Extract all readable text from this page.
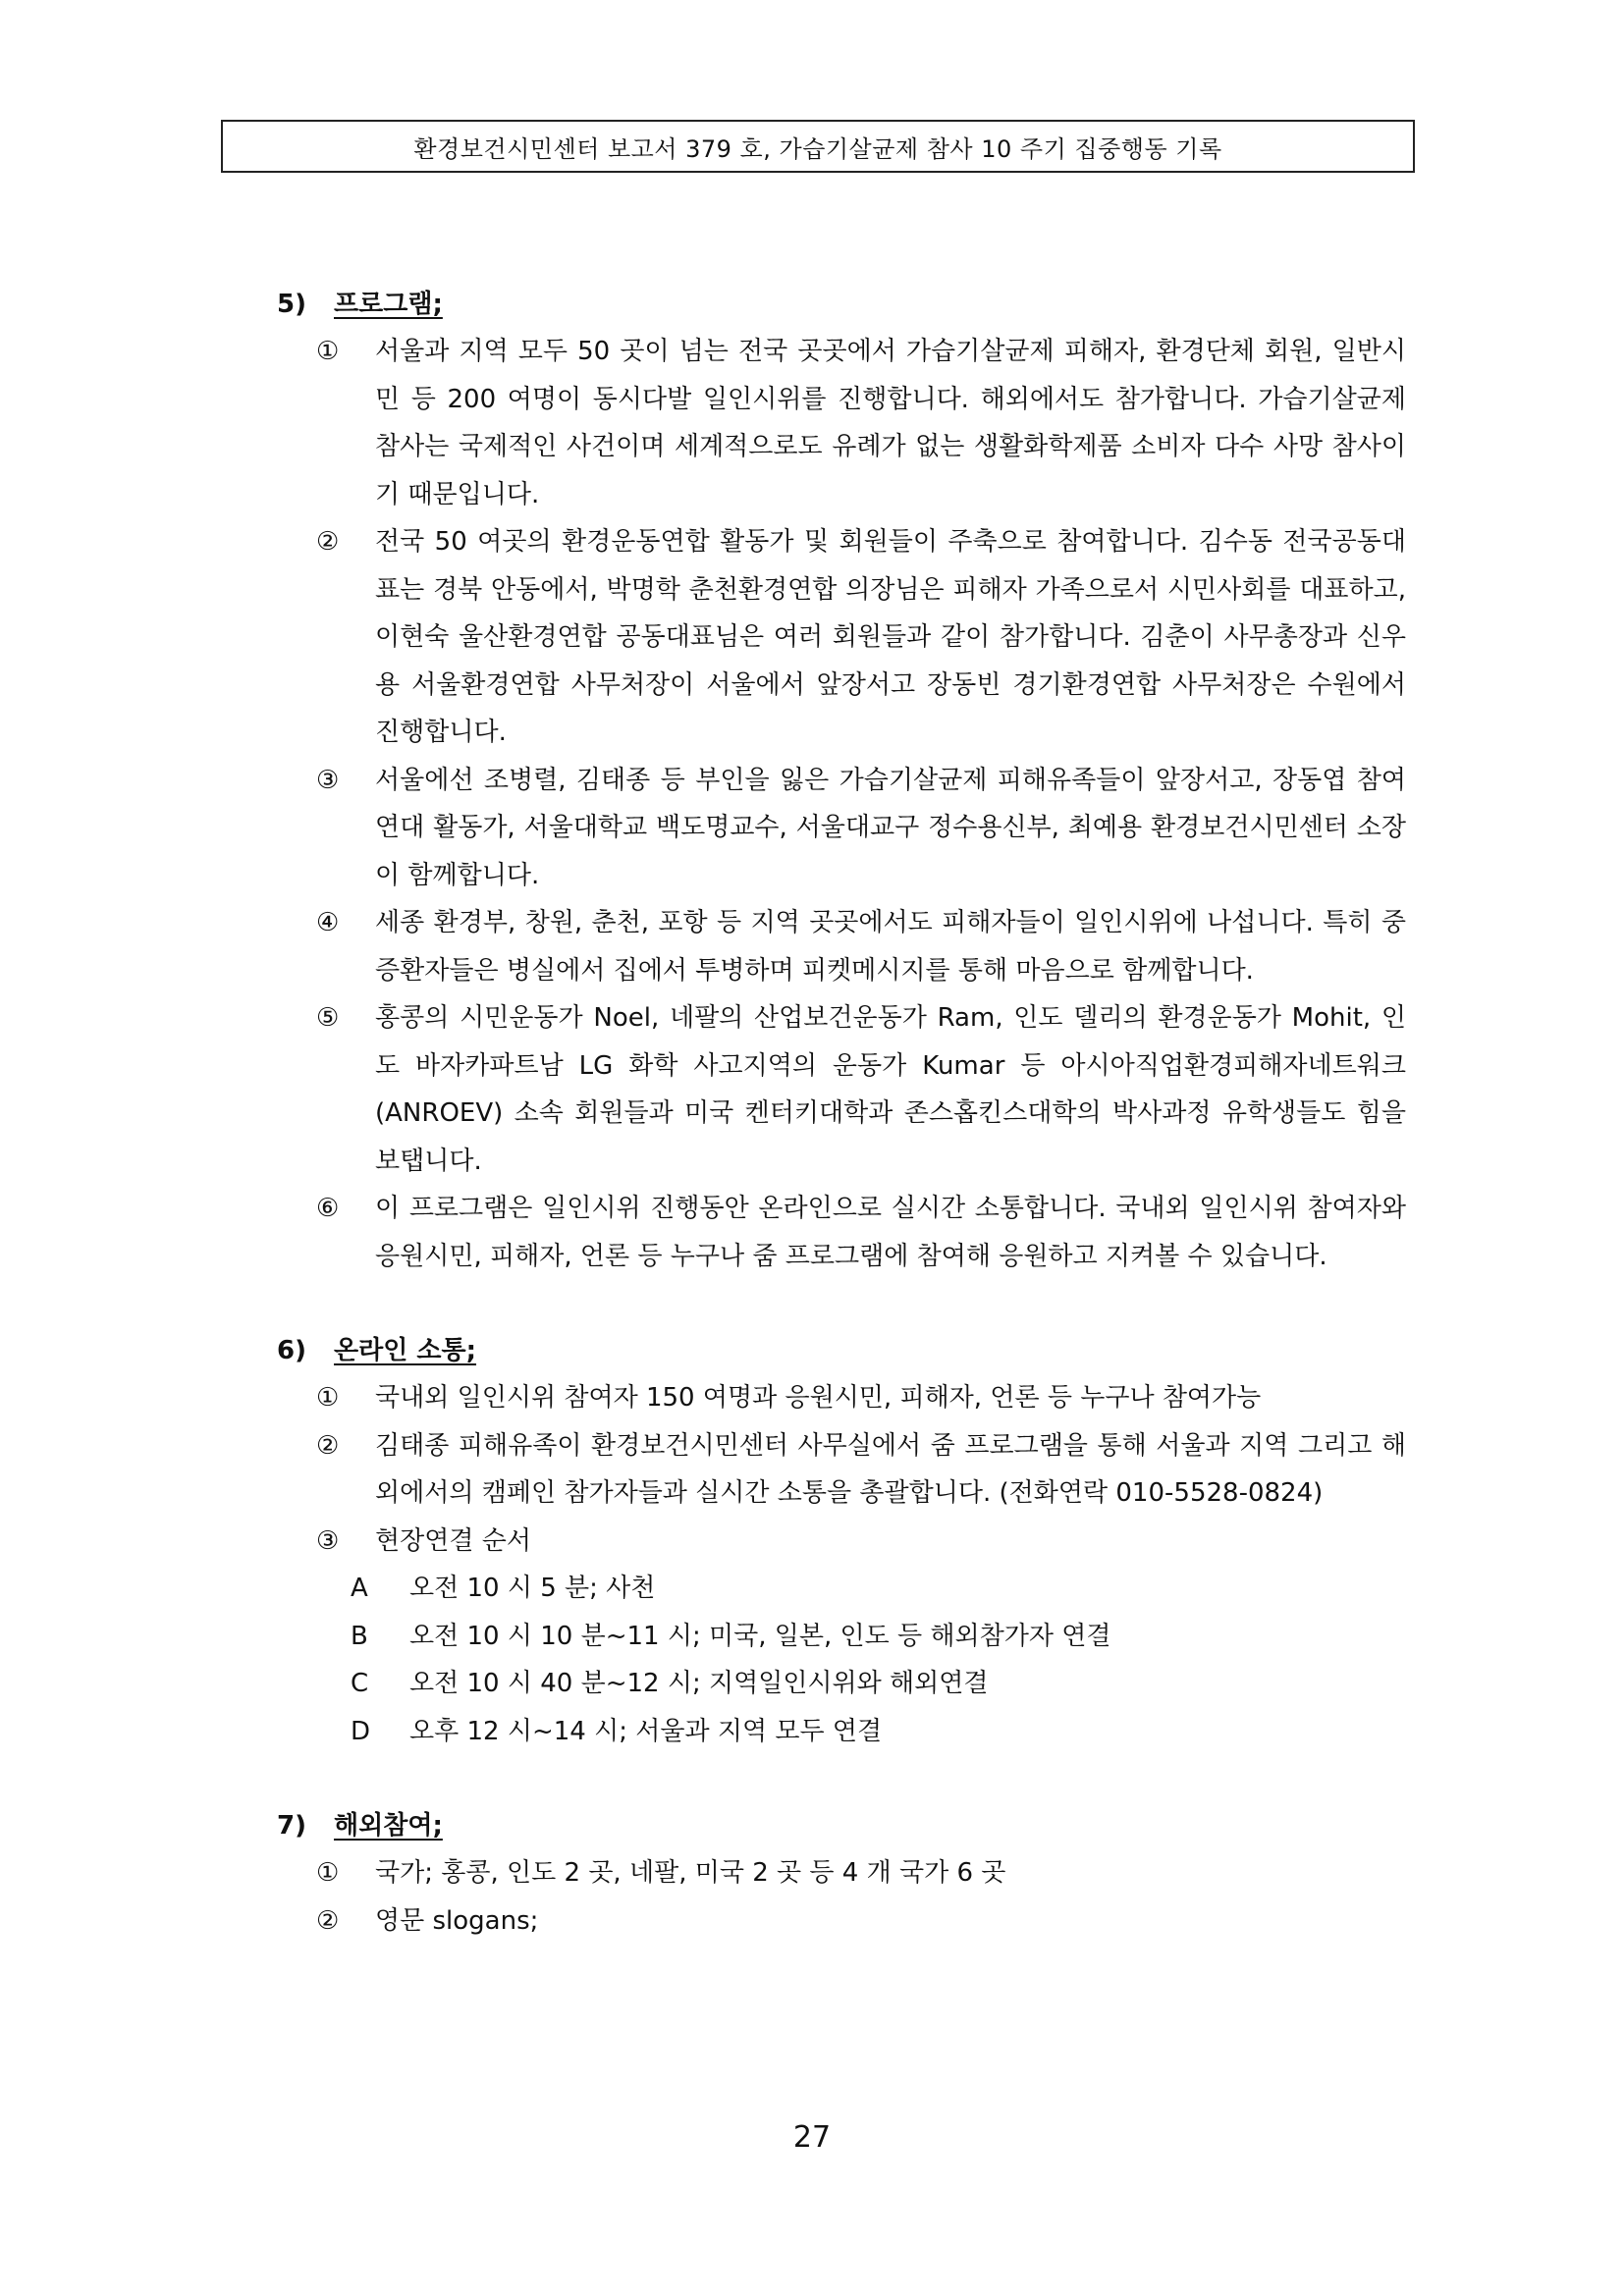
환경보건시민센터 보고서 379 호, 가습기살균제 참사 10 주기 집중행동 기록
5) 프로그램;
①	서울과 지역 모두 50 곳이 넘는 전국 곳곳에서 가습기살균제 피해자, 환경단체 회원, 일반시민 등 200 여명이 동시다발 일인시위를 진행합니다. 해외에서도 참가합니다. 가습기살균제 참사는 국제적인 사건이며 세계적으로도 유례가 없는 생활화학제품 소비자 다수 사망 참사이기 때문입니다.
②	전국 50 여곳의 환경운동연합 활동가 및 회원들이 주축으로 참여합니다. 김수동 전국공동대표는 경북 안동에서, 박명학 춘천환경연합 의장님은 피해자 가족으로서 시민사회를 대표하고, 이현숙 울산환경연합 공동대표님은 여러 회원들과 같이 참가합니다. 김춘이 사무총장과 신우용 서울환경연합 사무처장이 서울에서 앞장서고 장동빈 경기환경연합 사무처장은 수원에서 진행합니다.
③	서울에선 조병렬, 김태종 등 부인을 잃은 가습기살균제 피해유족들이 앞장서고, 장동엽 참여연대 활동가, 서울대학교 백도명교수, 서울대교구 정수용신부, 최예용 환경보건시민센터 소장이 함께합니다.
④	세종 환경부, 창원, 춘천, 포항 등 지역 곳곳에서도 피해자들이 일인시위에 나섭니다. 특히 중증환자들은 병실에서 집에서 투병하며 피켓메시지를 통해 마음으로 함께합니다.
⑤	홍콩의 시민운동가 Noel, 네팔의 산업보건운동가 Ram, 인도 델리의 환경운동가 Mohit, 인도 바자카파트남 LG 화학 사고지역의 운동가 Kumar 등 아시아직업환경피해자네트워크(ANROEV) 소속 회원들과 미국 켄터키대학과 존스홉킨스대학의 박사과정 유학생들도 힘을 보탭니다.
⑥	이 프로그램은 일인시위 진행동안 온라인으로 실시간 소통합니다. 국내외 일인시위 참여자와 응원시민, 피해자, 언론 등 누구나 줌 프로그램에 참여해 응원하고 지켜볼 수 있습니다.
6) 온라인 소통;
①	국내외 일인시위 참여자 150 여명과 응원시민, 피해자, 언론 등 누구나 참여가능
②	김태종 피해유족이 환경보건시민센터 사무실에서 줌 프로그램을 통해 서울과 지역 그리고 해외에서의 캠페인 참가자들과 실시간 소통을 총괄합니다. (전화연락 010-5528-0824)
③	현장연결 순서
A	오전 10 시 5 분; 사천
B	오전 10 시 10 분~11 시; 미국, 일본, 인도 등 해외참가자 연결
C	오전 10 시 40 분~12 시; 지역일인시위와 해외연결
D	오후 12 시~14 시; 서울과 지역 모두 연결
7) 해외참여;
①	국가; 홍콩, 인도 2 곳, 네팔, 미국 2 곳 등 4 개 국가 6 곳
②	영문 slogans;
27
